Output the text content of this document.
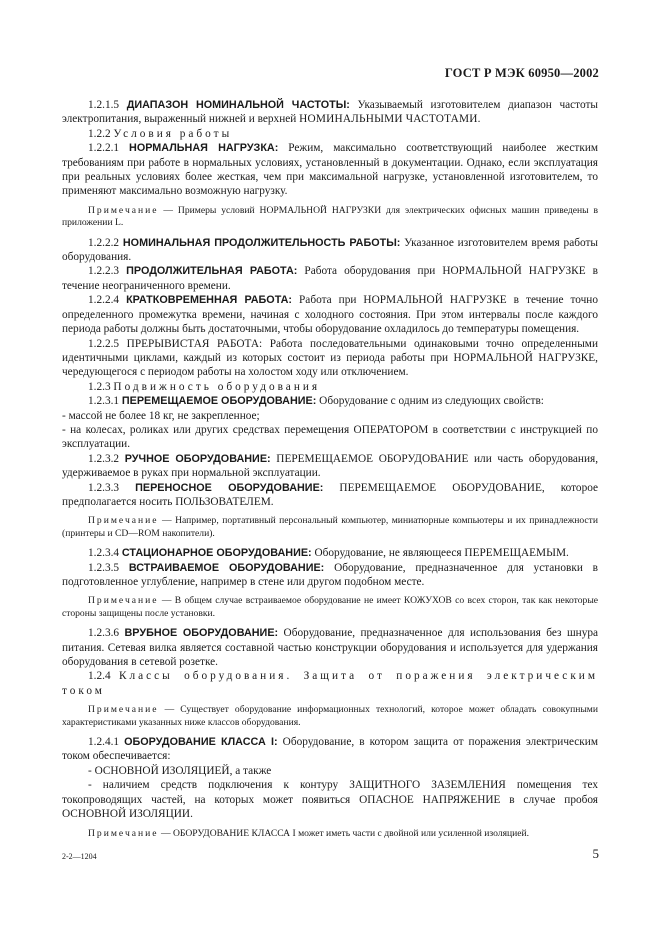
ГОСТ Р МЭК 60950—2002

1.2.1.5 ДИАПАЗОН НОМИНАЛЬНОЙ ЧАСТОТЫ: Указываемый изготовителем диапазон частоты электропитания, выраженный нижней и верхней НОМИНАЛЬНЫМИ ЧАСТОТАМИ.

1.2.2 Условия работы

1.2.2.1 НОРМАЛЬНАЯ НАГРУЗКА: Режим, максимально соответствующий наиболее жестким требованиям при работе в нормальных условиях, установленный в документации. Однако, если эксплуатация при реальных условиях более жесткая, чем при максимальной нагрузке, установленной изготовителем, то применяют максимально возможную нагрузку.

Примечание — Примеры условий НОРМАЛЬНОЙ НАГРУЗКИ для электрических офисных машин приведены в приложении L.

1.2.2.2 НОМИНАЛЬНАЯ ПРОДОЛЖИТЕЛЬНОСТЬ РАБОТЫ: Указанное изготовителем время работы оборудования.

1.2.2.3 ПРОДОЛЖИТЕЛЬНАЯ РАБОТА: Работа оборудования при НОРМАЛЬНОЙ НАГРУЗКЕ в течение неограниченного времени.

1.2.2.4 КРАТКОВРЕМЕННАЯ РАБОТА: Работа при НОРМАЛЬНОЙ НАГРУЗКЕ в течение точно определенного промежутка времени, начиная с холодного состояния. При этом интервалы после каждого периода работы должны быть достаточными, чтобы оборудование охладилось до температуры помещения.

1.2.2.5 ПРЕРЫВИСТАЯ РАБОТА: Работа последовательными одинаковыми точно определенными идентичными циклами, каждый из которых состоит из периода работы при НОРМАЛЬНОЙ НАГРУЗКЕ, чередующегося с периодом работы на холостом ходу или отключением.

1.2.3 Подвижность оборудования

1.2.3.1 ПЕРЕМЕЩАЕМОЕ ОБОРУДОВАНИЕ: Оборудование с одним из следующих свойств:

- массой не более 18 кг, не закрепленное;

- на колесах, роликах или других средствах перемещения ОПЕРАТОРОМ в соответствии с инструкцией по эксплуатации.

1.2.3.2 РУЧНОЕ ОБОРУДОВАНИЕ: ПЕРЕМЕЩАЕМОЕ ОБОРУДОВАНИЕ или часть оборудования, удерживаемое в руках при нормальной эксплуатации.

1.2.3.3 ПЕРЕНОСНОЕ ОБОРУДОВАНИЕ: ПЕРЕМЕЩАЕМОЕ ОБОРУДОВАНИЕ, которое предполагается носить ПОЛЬЗОВАТЕЛЕМ.

Примечание — Например, портативный персональный компьютер, миниатюрные компьютеры и их принадлежности (принтеры и CD—ROM накопители).

1.2.3.4 СТАЦИОНАРНОЕ ОБОРУДОВАНИЕ: Оборудование, не являющееся ПЕРЕМЕЩАЕМЫМ.

1.2.3.5 ВСТРАИВАЕМОЕ ОБОРУДОВАНИЕ: Оборудование, предназначенное для установки в подготовленное углубление, например в стене или другом подобном месте.

Примечание — В общем случае встраиваемое оборудование не имеет КОЖУХОВ со всех сторон, так как некоторые стороны защищены после установки.

1.2.3.6 ВРУБНОЕ ОБОРУДОВАНИЕ: Оборудование, предназначенное для использования без шнура питания. Сетевая вилка является составной частью конструкции оборудования и используется для удержания оборудования в сетевой розетке.

1.2.4 Классы оборудования. Защита от поражения электрическим током

Примечание — Существует оборудование информационных технологий, которое может обладать совокупными характеристиками указанных ниже классов оборудования.

1.2.4.1 ОБОРУДОВАНИЕ КЛАССА I: Оборудование, в котором защита от поражения электрическим током обеспечивается:

- ОСНОВНОЙ ИЗОЛЯЦИЕЙ, а также

- наличием средств подключения к контуру ЗАЩИТНОГО ЗАЗЕМЛЕНИЯ помещения тех токопроводящих частей, на которых может появиться ОПАСНОЕ НАПРЯЖЕНИЕ в случае пробоя ОСНОВНОЙ ИЗОЛЯЦИИ.

Примечание — ОБОРУДОВАНИЕ КЛАССА I может иметь части с двойной или усиленной изоляцией.

2-2—1204	5
